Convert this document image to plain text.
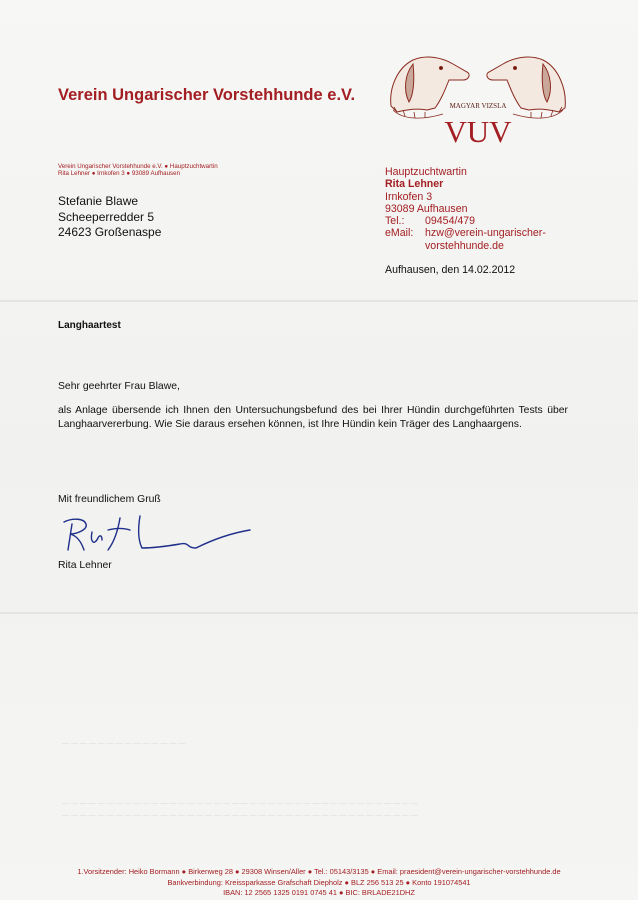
Verein Ungarischer Vorstehhunde e.V.
MAGYAR VIZSLA
VUV
Verein Ungarischer Vorstehhunde e.V. ● Hauptzuchtwartin
Rita Lehner ● Irnkofen 3 ● 93089 Aufhausen
Stefanie Blawe
Scheeperredder 5
24623 Großenaspe
Hauptzuchtwartin
Rita Lehner
Irnkofen 3
93089 Aufhausen
Tel.:	09454/479
eMail:	hzw@verein-ungarischer-
vorstehhunde.de
Aufhausen, den 14.02.2012
Langhaartest
Sehr geehrter Frau Blawe,
als Anlage übersende ich Ihnen den Untersuchungsbefund des bei Ihrer Hündin durchgeführten Tests über Langhaarvererbung. Wie Sie daraus ersehen können, ist Ihre Hündin kein Träger des Langhaargens.
Mit freundlichem Gruß
Rita Lehner
— — — — — — — — — — — — — —
— — — — — — — — — — — — — — — — — — — — — — — — — — — — — — — — — — — — — — — —
— — — — — — — — — — — — — — — — — — — — — — — — — — — — — — — — — — — — — — — —
1.Vorsitzender: Heiko Bormann ● Birkenweg 28 ● 29308 Winsen/Aller ● Tel.: 05143/3135 ● Email: praesident@verein-ungarischer-vorstehhunde.de
Bankverbindung: Kreissparkasse Grafschaft Diepholz ● BLZ 256 513 25 ● Konto 191074541
IBAN: 12 2565 1325 0191 0745 41 ● BIC: BRLADE21DHZ
